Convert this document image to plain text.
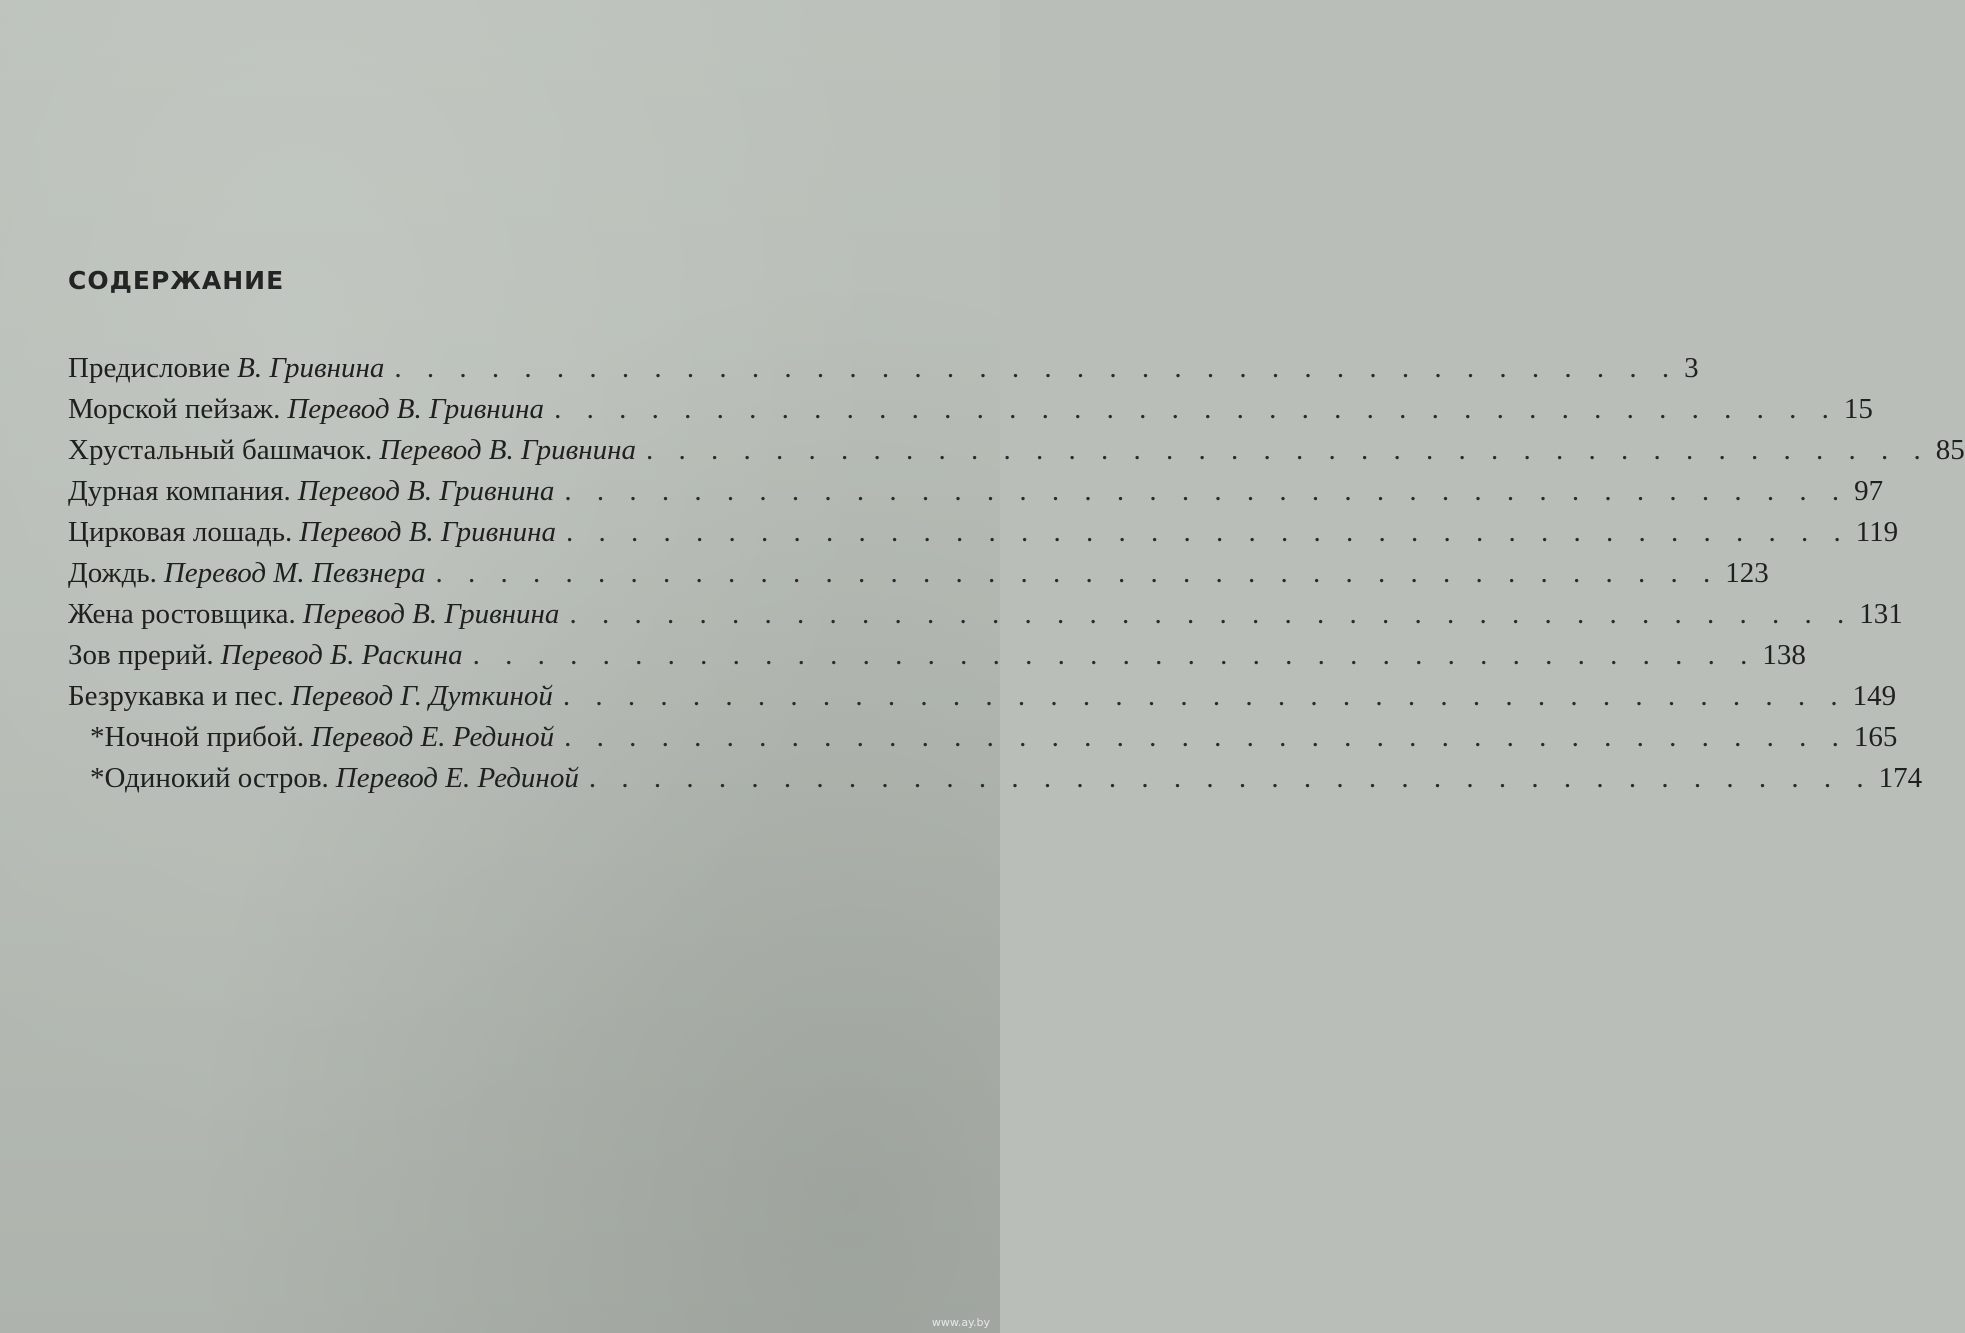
СОДЕРЖАНИЕ
Предисловие В. Гривнина . . . . . . . . . . . . . . . . . . . . . . . . . . . . . . . . . . . . . . . . 3
Морской пейзаж. Перевод В. Гривнина . . . . . . . . . . . . . . . . . . . . . . . . . . . . . . . . . . . . . . . . 15
Хрустальный башмачок. Перевод В. Гривнина . . . . . . . . . . . . . . . . . . . . . . . . . . . . . . . . . . . . . . . . 85
Дурная компания. Перевод В. Гривнина . . . . . . . . . . . . . . . . . . . . . . . . . . . . . . . . . . . . . . . . 97
Цирковая лошадь. Перевод В. Гривнина . . . . . . . . . . . . . . . . . . . . . . . . . . . . . . . . . . . . . . . . 119
Дождь. Перевод М. Певзнера . . . . . . . . . . . . . . . . . . . . . . . . . . . . . . . . . . . . . . . . 123
Жена ростовщика. Перевод В. Гривнина . . . . . . . . . . . . . . . . . . . . . . . . . . . . . . . . . . . . . . . . 131
Зов прерий. Перевод Б. Раскина . . . . . . . . . . . . . . . . . . . . . . . . . . . . . . . . . . . . . . . . 138
Безрукавка и пес. Перевод Г. Дуткиной . . . . . . . . . . . . . . . . . . . . . . . . . . . . . . . . . . . . . . . . 149
*Ночной прибой. Перевод Е. Рединой . . . . . . . . . . . . . . . . . . . . . . . . . . . . . . . . . . . . . . . . 165
*Одинокий остров. Перевод Е. Рединой . . . . . . . . . . . . . . . . . . . . . . . . . . . . . . . . . . . . . . . . 174
www.ay.by
